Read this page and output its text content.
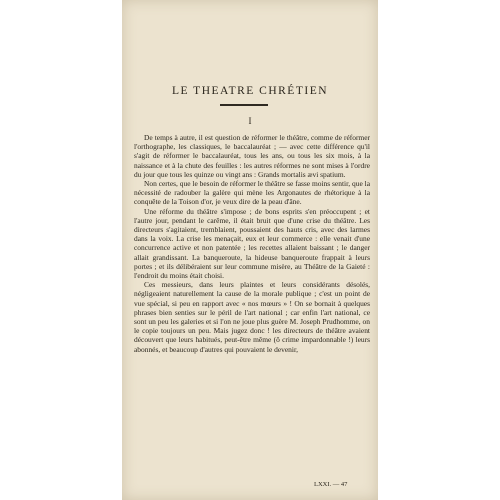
LE THEATRE CHRÉTIEN
I

De temps à autre, il est question de réformer le théâtre, comme de réformer l'orthographe, les classiques, le baccalauréat ; — avec cette différence qu'il s'agit de réformer le baccalauréat, tous les ans, ou tous les six mois, à la naissance et à la chute des feuilles : les autres réformes ne sont mises à l'ordre du jour que tous les quinze ou vingt ans : Grands mortalis ævi spatium.

Non certes, que le besoin de réformer le théâtre se fasse moins sentir, que la nécessité de radouber la galère qui mène les Argonautes de rhétorique à la conquête de la Toison d'or, je veux dire de la peau d'âne.

Une réforme du théâtre s'impose ; de bons esprits s'en préoccupent ; et l'autre jour, pendant le carême, il était bruit que d'une crise du théâtre. Les directeurs s'agitaient, tremblaient, poussaient des hauts cris, avec des larmes dans la voix. La crise les menaçait, eux et leur commerce : elle venait d'une concurrence active et non patentée ; les recettes allaient baissant ; le danger allait grandissant. La banqueroute, la hideuse banqueroute frappait à leurs portes ; et ils délibéraient sur leur commune misère, au Théâtre de la Gaieté : l'endroit du moins était choisi.

Ces messieurs, dans leurs plaintes et leurs considérants désolés, négligeaient naturellement la cause de la morale publique ; c'est un point de vue spécial, si peu en rapport avec « nos mœurs » ! On se bornait à quelques phrases bien senties sur le péril de l'art national ; car enfin l'art national, ce sont un peu les galeries et si l'on ne joue plus guère M. Joseph Prudhomme, on le copie toujours un peu. Mais jugez donc ! les directeurs de théâtre avaient découvert que leurs habitués, peut-être même (ô crime impardonnable !) leurs abonnés, et beaucoup d'autres qui pouvaient le devenir,

LXXI. — 47
